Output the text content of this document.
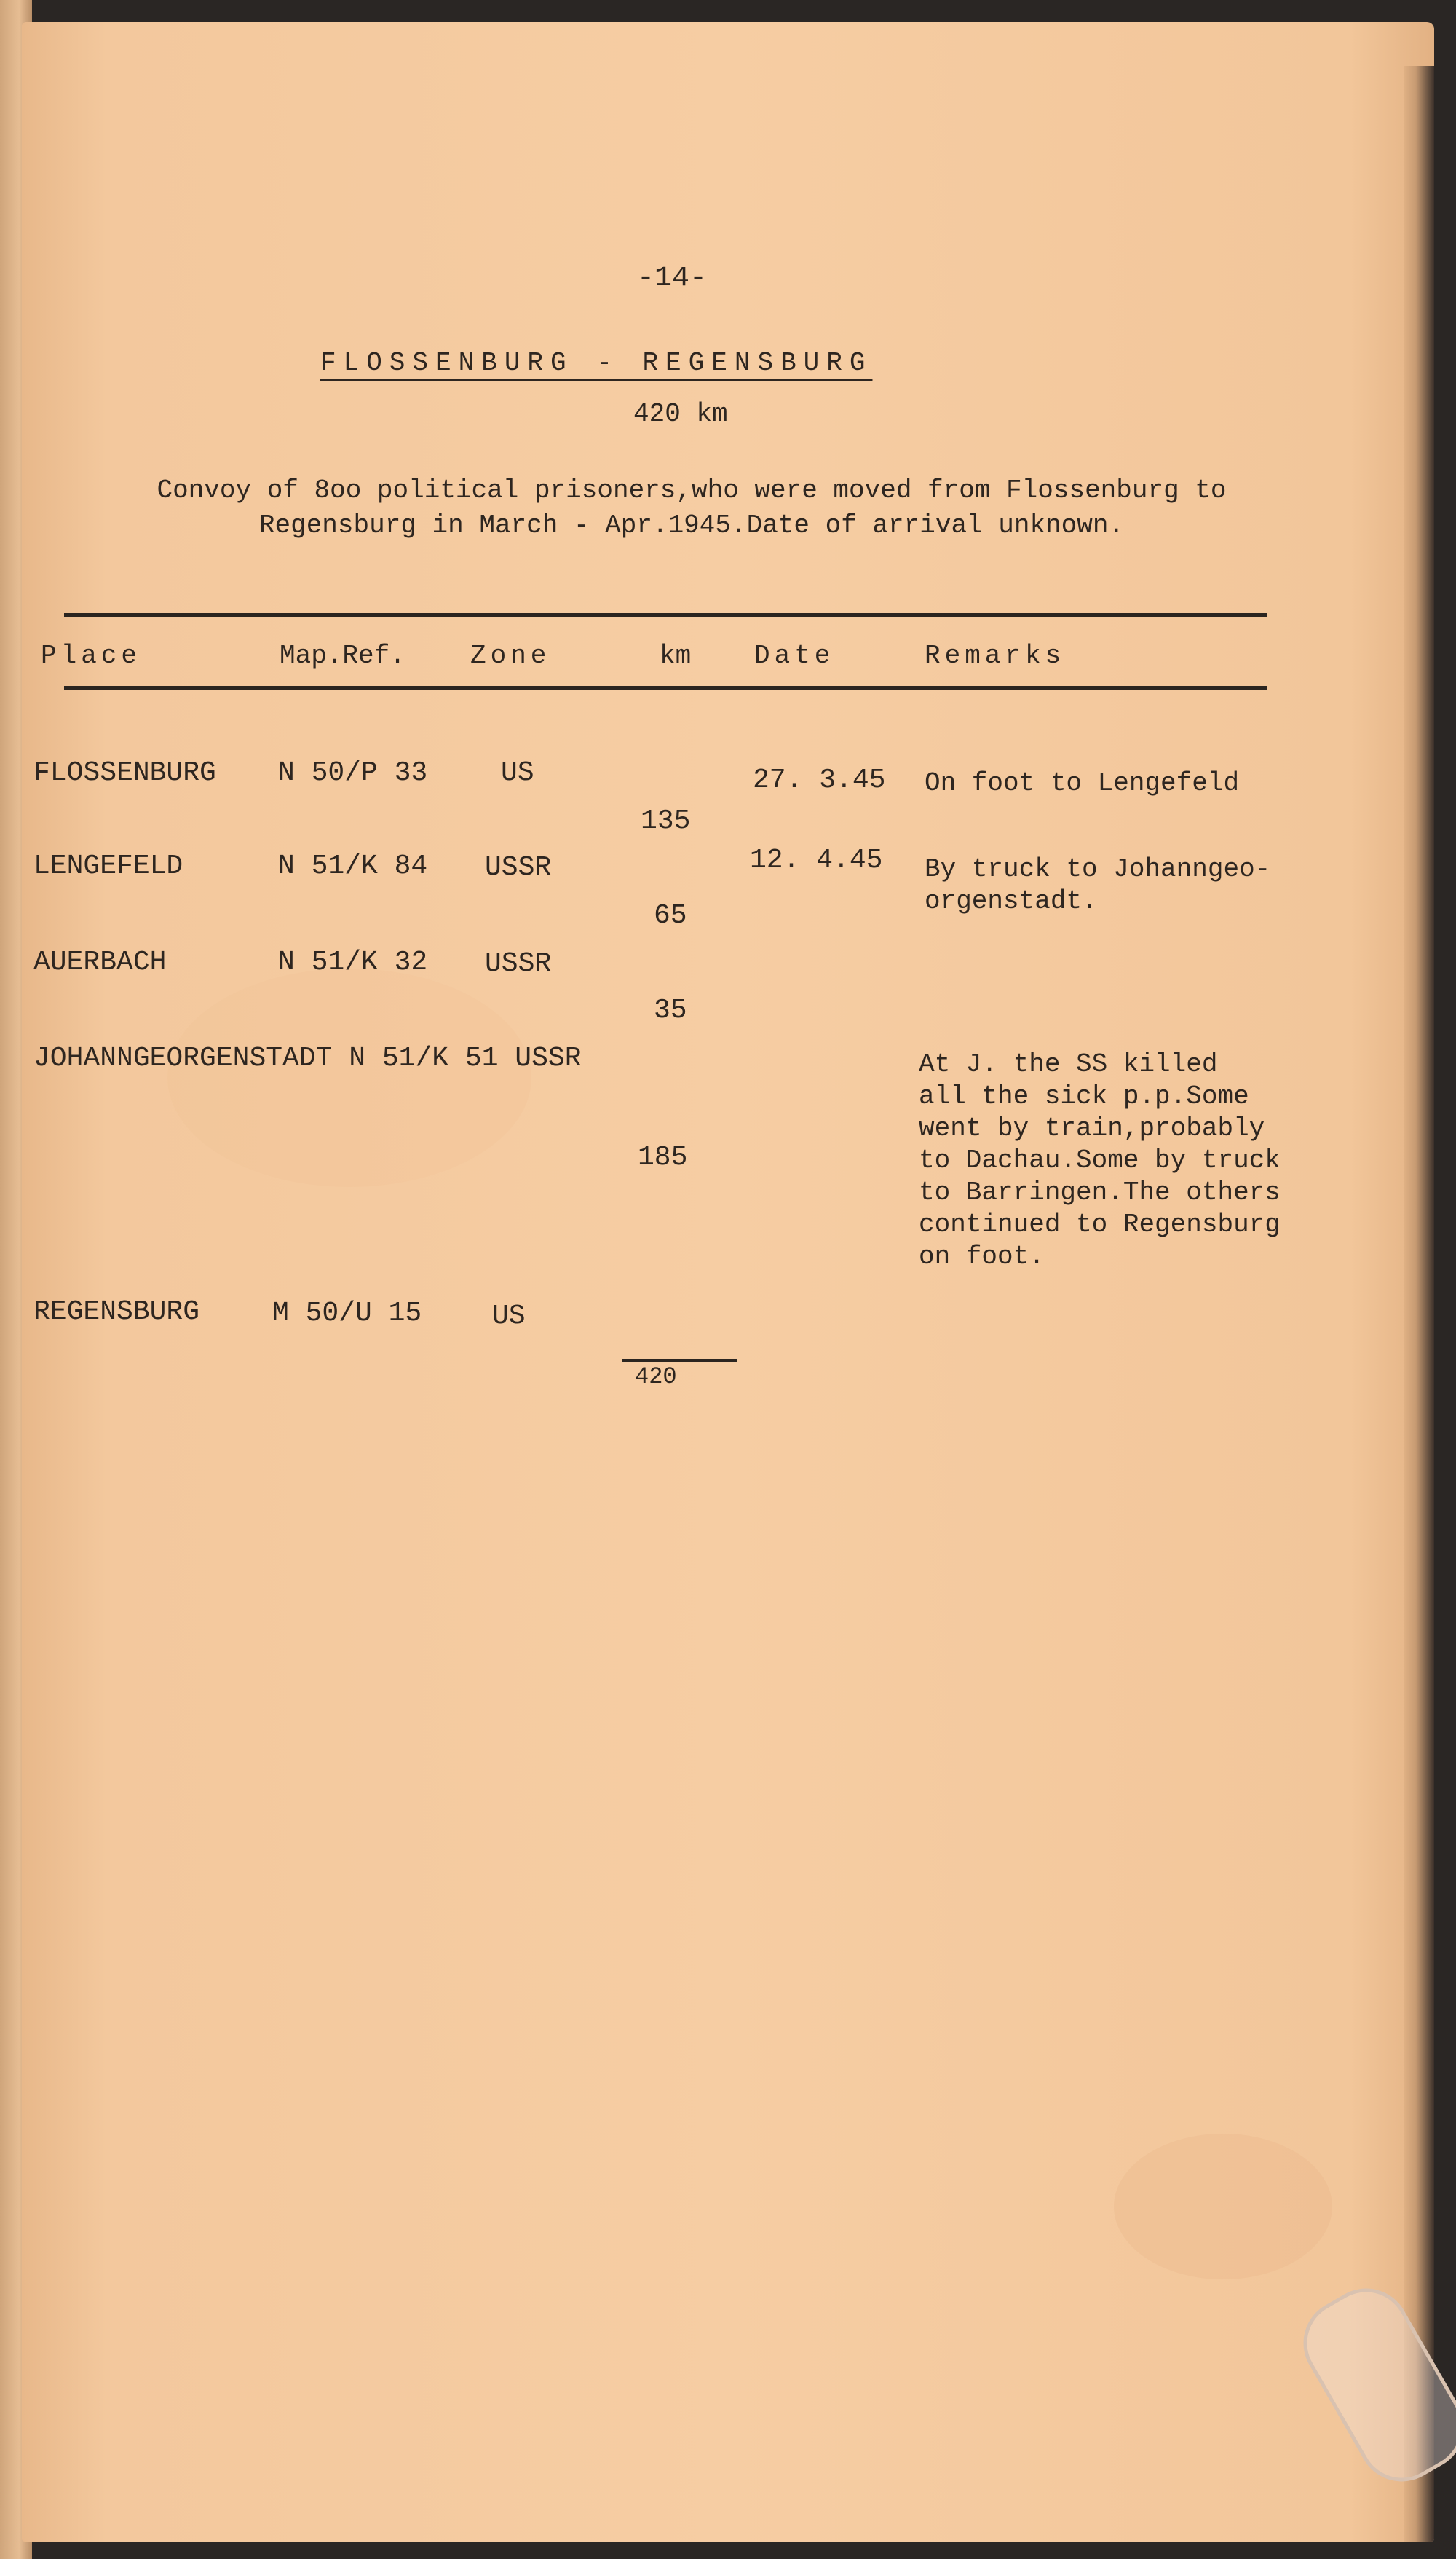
-14-
FLOSSENBURG - REGENSBURG
420 km
Convoy of 8oo political prisoners,who were moved from Flossenburg to
Regensburg in March - Apr.1945.Date of arrival unknown.
Place	Map.Ref. Zone	km Date	Remarks
FLOSSENBURG N 50/P 33	US	27. 3.45 On foot to Lengefeld
135
LENGEFELD	N 51/K 84 USSR	12. 4.45 By truck to Johanngeo-
orgenstadt.
65
AUERBACH	N 51/K 32 USSR
35
JOHANNGEORGENSTADT N 51/K 51 USSR	At J. the SS killed
all the sick p.p.Some
went by train,probably
to Dachau.Some by truck
to Barringen.The others
continued to Regensburg
on foot.
185
REGENSBURG	M 50/U 15	US
420
